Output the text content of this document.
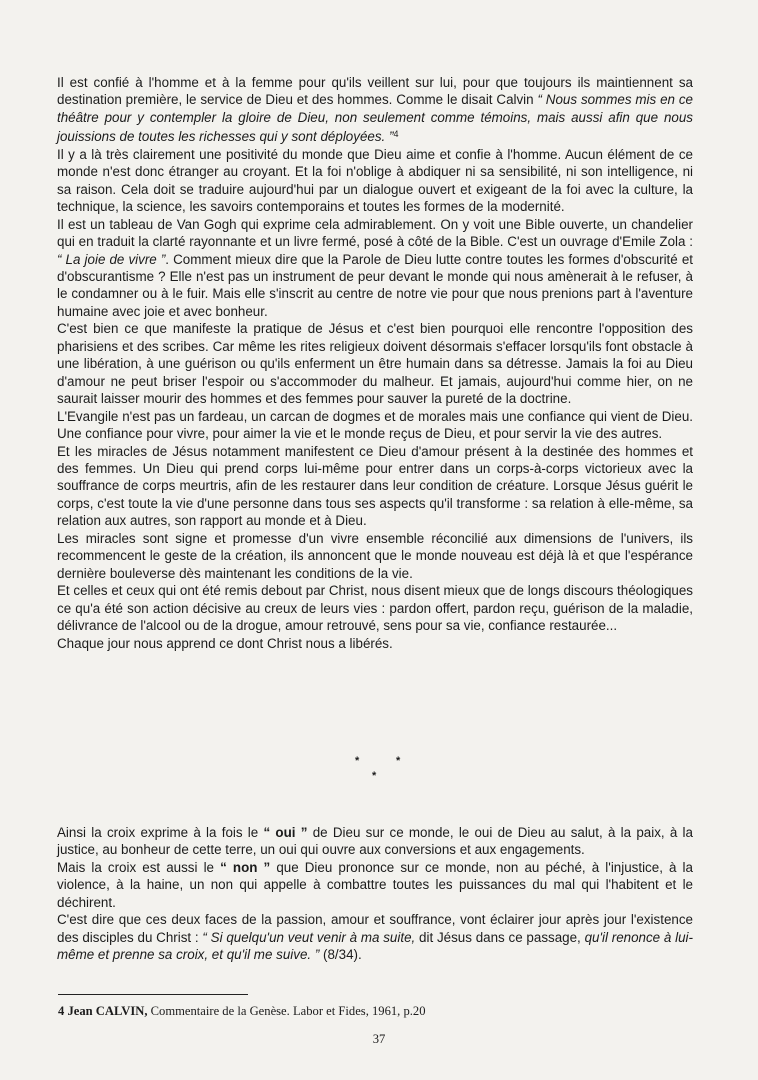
Il est confié à l'homme et à la femme pour qu'ils veillent sur lui, pour que toujours ils maintiennent sa destination première, le service de Dieu et des hommes. Comme le disait Calvin “ Nous sommes mis en ce théâtre pour y contempler la gloire de Dieu, non seulement comme témoins, mais aussi afin que nous jouissions de toutes les richesses qui y sont déployées. ”$^4$

Il y a là très clairement une positivité du monde que Dieu aime et confie à l'homme. Aucun élément de ce monde n'est donc étranger au croyant. Et la foi n'oblige à abdiquer ni sa sensibilité, ni son intelligence, ni sa raison. Cela doit se traduire aujourd'hui par un dialogue ouvert et exigeant de la foi avec la culture, la technique, la science, les savoirs contemporains et toutes les formes de la modernité.

Il est un tableau de Van Gogh qui exprime cela admirablement. On y voit une Bible ouverte, un chandelier qui en traduit la clarté rayonnante et un livre fermé, posé à côté de la Bible. C'est un ouvrage d'Emile Zola : “ La joie de vivre ”. Comment mieux dire que la Parole de Dieu lutte contre toutes les formes d'obscurité et d'obscurantisme ? Elle n'est pas un instrument de peur devant le monde qui nous amènerait à le refuser, à le condamner ou à le fuir. Mais elle s'inscrit au centre de notre vie pour que nous prenions part à l'aventure humaine avec joie et avec bonheur.

C'est bien ce que manifeste la pratique de Jésus et c'est bien pourquoi elle rencontre l'opposition des pharisiens et des scribes. Car même les rites religieux doivent désormais s'effacer lorsqu'ils font obstacle à une libération, à une guérison ou qu'ils enferment un être humain dans sa détresse. Jamais la foi au Dieu d'amour ne peut briser l'espoir ou s'accommoder du malheur. Et jamais, aujourd'hui comme hier, on ne saurait laisser mourir des hommes et des femmes pour sauver la pureté de la doctrine.

L'Evangile n'est pas un fardeau, un carcan de dogmes et de morales mais une confiance qui vient de Dieu. Une confiance pour vivre, pour aimer la vie et le monde reçus de Dieu, et pour servir la vie des autres.

Et les miracles de Jésus notamment manifestent ce Dieu d'amour présent à la destinée des hommes et des femmes. Un Dieu qui prend corps lui-même pour entrer dans un corps-à-corps victorieux avec la souffrance de corps meurtris, afin de les restaurer dans leur condition de créature. Lorsque Jésus guérit le corps, c'est toute la vie d'une personne dans tous ses aspects qu'il transforme : sa relation à elle-même, sa relation aux autres, son rapport au monde et à Dieu.

Les miracles sont signe et promesse d'un vivre ensemble réconcilié aux dimensions de l'univers, ils recommencent le geste de la création, ils annoncent que le monde nouveau est déjà là et que l'espérance dernière bouleverse dès maintenant les conditions de la vie.

Et celles et ceux qui ont été remis debout par Christ, nous disent mieux que de longs discours théologiques ce qu'a été son action décisive au creux de leurs vies : pardon offert, pardon reçu, guérison de la maladie, délivrance de l'alcool ou de la drogue, amour retrouvé, sens pour sa vie, confiance restaurée...

Chaque jour nous apprend ce dont Christ nous a libérés.

*	*
*

Ainsi la croix exprime à la fois le “ oui ” de Dieu sur ce monde, le oui de Dieu au salut, à la paix, à la justice, au bonheur de cette terre, un oui qui ouvre aux conversions et aux engagements.

Mais la croix est aussi le “ non ” que Dieu prononce sur ce monde, non au péché, à l'injustice, à la violence, à la haine, un non qui appelle à combattre toutes les puissances du mal qui l'habitent et le déchirent.

C'est dire que ces deux faces de la passion, amour et souffrance, vont éclairer jour après jour l'existence des disciples du Christ : “ Si quelqu'un veut venir à ma suite, dit Jésus dans ce passage, qu'il renonce à lui-même et prenne sa croix, et qu'il me suive. ” (8/34).

4 Jean CALVIN, Commentaire de la Genèse. Labor et Fides, 1961, p.20
37
